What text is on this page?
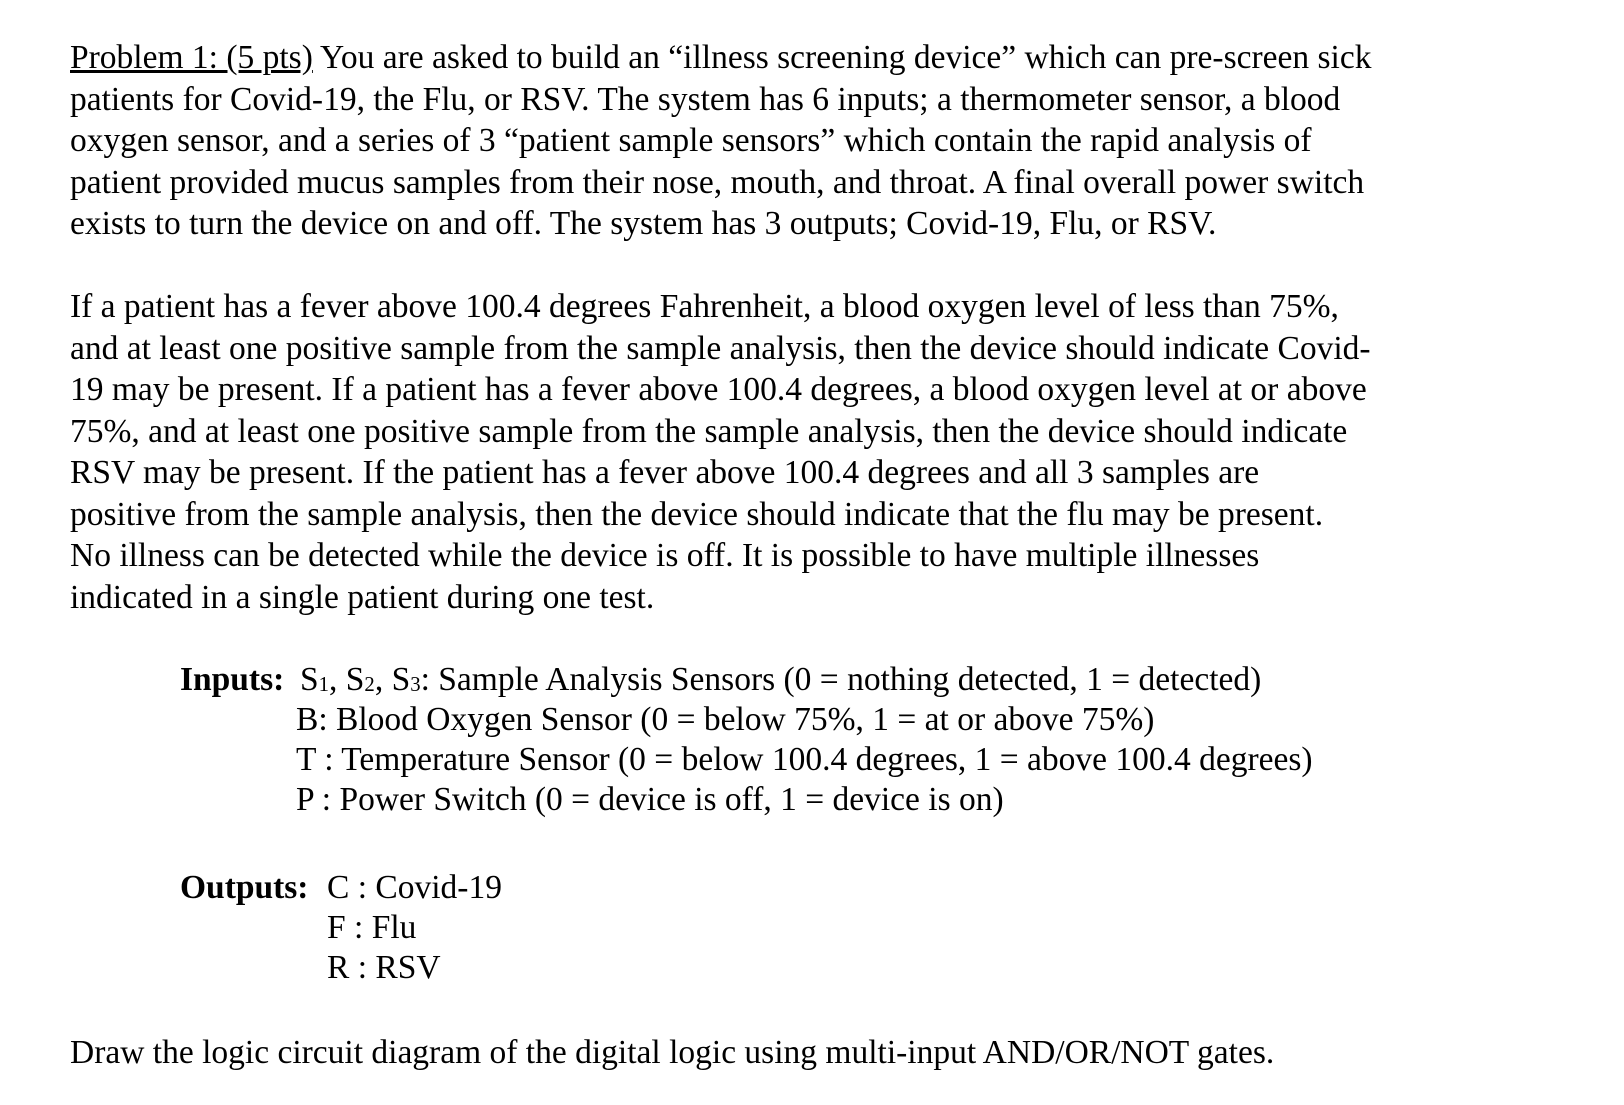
Problem 1: (5 pts) You are asked to build an “illness screening device” which can pre-screen sick
patients for Covid-19, the Flu, or RSV. The system has 6 inputs; a thermometer sensor, a blood
oxygen sensor, and a series of 3 “patient sample sensors” which contain the rapid analysis of
patient provided mucus samples from their nose, mouth, and throat. A final overall power switch
exists to turn the device on and off. The system has 3 outputs; Covid-19, Flu, or RSV.
If a patient has a fever above 100.4 degrees Fahrenheit, a blood oxygen level of less than 75%,
and at least one positive sample from the sample analysis, then the device should indicate Covid-
19 may be present. If a patient has a fever above 100.4 degrees, a blood oxygen level at or above
75%, and at least one positive sample from the sample analysis, then the device should indicate
RSV may be present. If the patient has a fever above 100.4 degrees and all 3 samples are
positive from the sample analysis, then the device should indicate that the flu may be present.
No illness can be detected while the device is off. It is possible to have multiple illnesses
indicated in a single patient during one test.
Inputs: S1, S2, S3: Sample Analysis Sensors (0 = nothing detected, 1 = detected)
B: Blood Oxygen Sensor (0 = below 75%, 1 = at or above 75%)
T : Temperature Sensor (0 = below 100.4 degrees, 1 = above 100.4 degrees)
P : Power Switch (0 = device is off, 1 = device is on)
Outputs: C : Covid-19
F : Flu
R : RSV
Draw the logic circuit diagram of the digital logic using multi-input AND/OR/NOT gates.
